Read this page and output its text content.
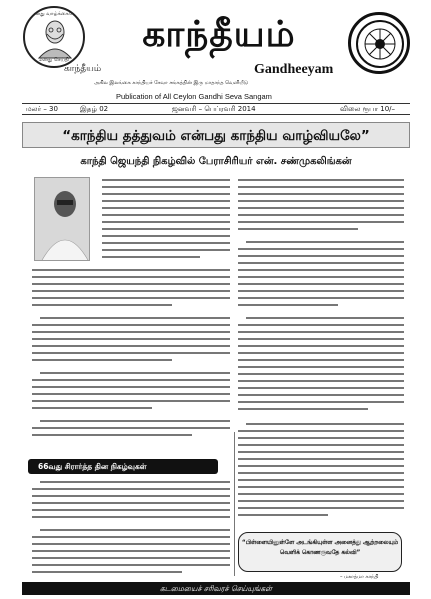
எனது வாழ்க்கையே
எனது செய்தி
காந்தீயம்
காந்தீயம்	Gandheeyam
அகில இலங்கை காந்தியச் சேவா சங்கத்தின் இரு மாதாந்த வெளியீடு
Publication of All Ceylon Gandhi Seva Sangam
மலர் – 30	இதழ் 02	ஜனவரி – பெப்ரவரி 2014	விலை ரூபா 10/–
“காந்திய தத்துவம் என்பது காந்திய வாழ்வியலே”
காந்தி ஜெயந்தி நிகழ்வில் பேராசிரியர் என். சண்முகலிங்கன்
66வது சிரார்த்த தின நிகழ்வுகள்
“பிள்ளையினுள்ளே அடங்கியுள்ள அனைத்து ஆற்றலையும் வெளிக் கொணருவதே கல்வி”
– மகாத்மா காந்தி
கடமையைச் சரிவரச் செய்யுங்கள்
